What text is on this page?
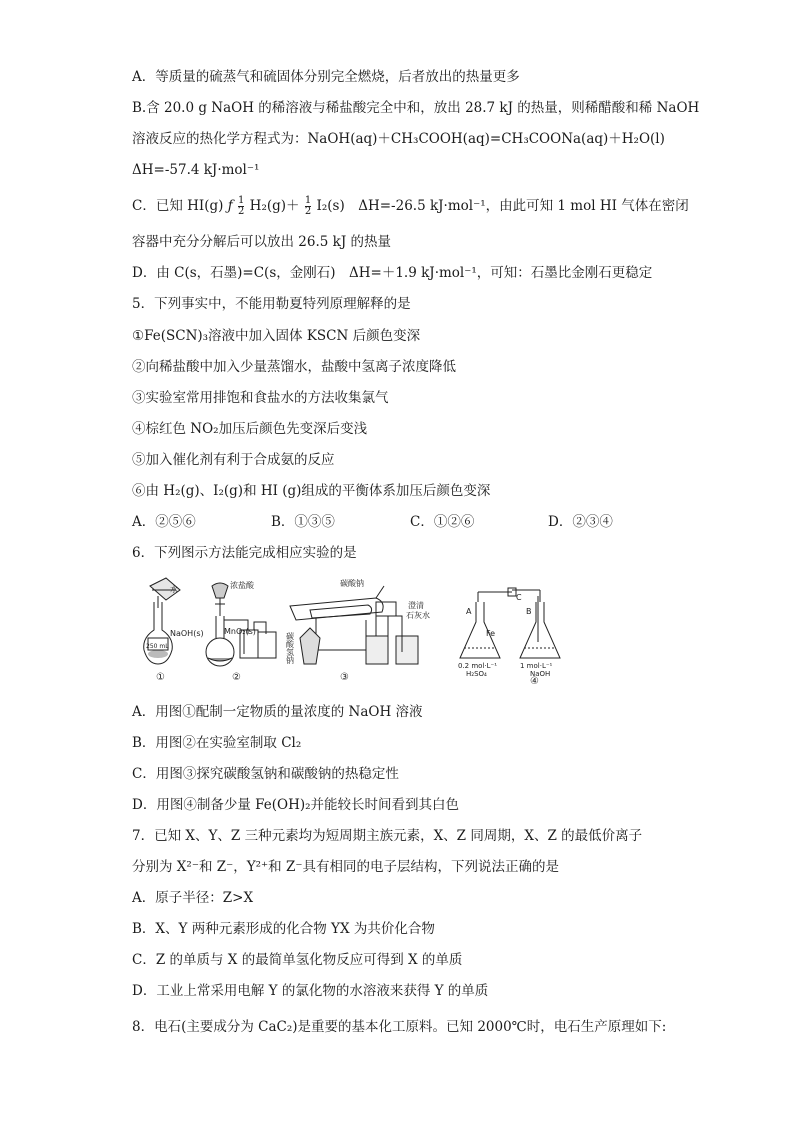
A．等质量的硫蒸气和硫固体分别完全燃烧，后者放出的热量更多
B.含 20.0 g NaOH 的稀溶液与稀盐酸完全中和，放出 28.7 kJ 的热量，则稀醋酸和稀 NaOH
溶液反应的热化学方程式为：NaOH(aq)＋CH₃COOH(aq)=CH₃COONa(aq)＋H₂O(l)
ΔH=-57.4 kJ·mol⁻¹
C．已知 HI(g) ƒ $\frac{1}{2} H_2(g)+ \frac{1}{2} I_2(s)$　ΔH=-26.5 kJ·mol⁻¹，由此可知 1 mol HI 气体在密闭
容器中充分分解后可以放出 26.5 kJ 的热量
D．由 C(s，石墨)=C(s，金刚石)　ΔH=＋1.9 kJ·mol⁻¹，可知：石墨比金刚石更稳定
5．下列事实中，不能用勒夏特列原理解释的是
①Fe(SCN)₃溶液中加入固体 KSCN 后颜色变深
②向稀盐酸中加入少量蒸馏水，盐酸中氢离子浓度降低
③实验室常用排饱和食盐水的方法收集氯气
④棕红色 NO₂加压后颜色先变深后变浅
⑤加入催化剂有利于合成氨的反应
⑥由 H₂(g)、I₂(g)和 HI (g)组成的平衡体系加压后颜色变深
A．②⑤⑥	B．①③⑤	C．①②⑥	D．②③④
6．下列图示方法能完成相应实验的是
水
NaOH(s)
250 mL
浓盐酸
MnO₂(s)
碳酸钠
碳酸氢钠
澄清
石灰水	A	B
C
Fe
0.2 mol·L⁻¹
H₂SO₄
1 mol·L⁻¹
NaOH
①	②	③	④
A．用图①配制一定物质的量浓度的 NaOH 溶液
B．用图②在实验室制取 Cl₂
C．用图③探究碳酸氢钠和碳酸钠的热稳定性
D．用图④制备少量 Fe(OH)₂并能较长时间看到其白色
7．已知 X、Y、Z 三种元素均为短周期主族元素，X、Z 同周期，X、Z 的最低价离子
分别为 X²⁻和 Z⁻，Y²⁺和 Z⁻具有相同的电子层结构，下列说法正确的是
A．原子半径：Z>X
B．X、Y 两种元素形成的化合物 YX 为共价化合物
C．Z 的单质与 X 的最简单氢化物反应可得到 X 的单质
D．工业上常采用电解 Y 的氯化物的水溶液来获得 Y 的单质
8．电石(主要成分为 CaC₂)是重要的基本化工原料。已知 2000℃时，电石生产原理如下:
